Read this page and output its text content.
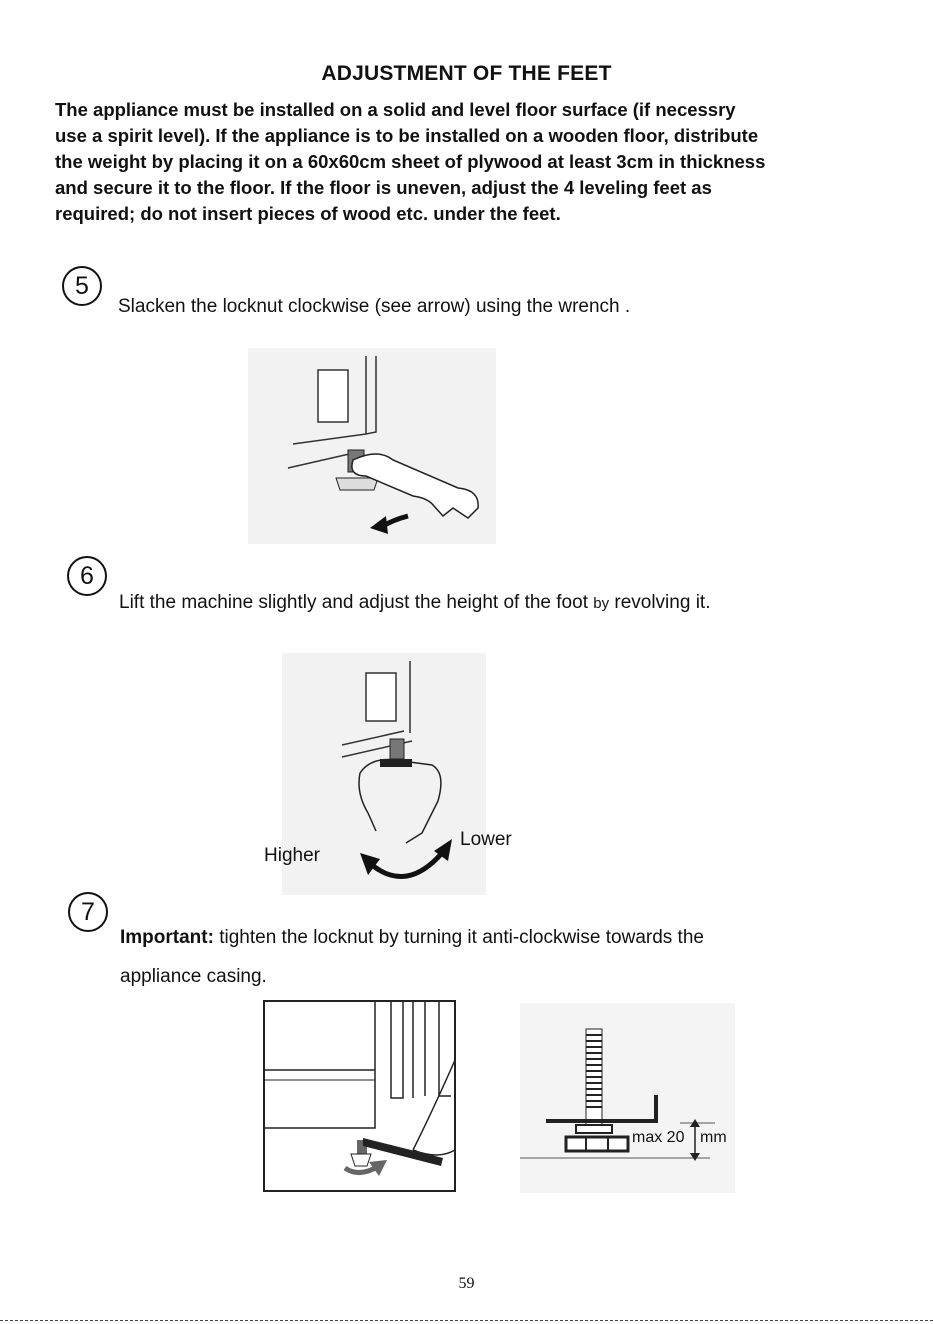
ADJUSTMENT OF THE FEET
The appliance must be installed on a solid and level floor surface (if necessry
use a spirit level). If the appliance is to be installed on a wooden floor, distribute
the weight by placing it on a 60x60cm sheet of plywood at least 3cm in thickness
and secure it to the floor. If the floor is uneven, adjust the 4 leveling feet as
required; do not insert pieces of wood etc. under the feet.
5
Slacken the locknut clockwise (see arrow) using the wrench .
6
Lift the machine slightly and adjust the height of the foot by revolving it.
Higher
Lower
7
Important: tighten the locknut by turning it anti-clockwise towards the
appliance casing.
max 20 mm
59
